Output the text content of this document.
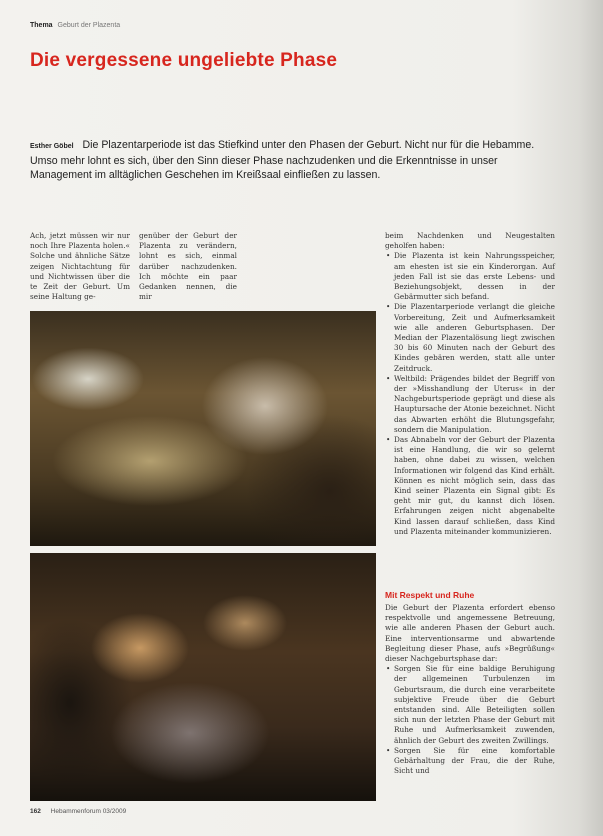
Thema Geburt der Plazenta
Die vergessene ungeliebte Phase
Esther Göbel Die Plazentarperiode ist das Stiefkind unter den Phasen der Geburt. Nicht nur für die Hebamme. Umso mehr lohnt es sich, über den Sinn dieser Phase nachzudenken und die Erkenntnisse in unser Management im alltäglichen Geschehen im Kreißsaal einfließen zu lassen.
Ach, jetzt müssen wir nur noch Ihre Plazenta holen.« Solche und ähnliche Sätze zeigen Nichtachtung für und Nichtwissen über die te Zeit der Geburt. Um seine Haltung ge-
genüber der Geburt der Plazenta zu verändern, lohnt es sich, einmal darüber nachzudenken. Ich möchte ein paar Gedanken nennen, die mir

beim Nachdenken und Neugestalten geholfen haben:

• Die Plazenta ist kein Nahrungsspeicher, am ehesten ist sie ein Kinderorgan. Auf jeden Fall ist sie das erste Lebens- und Beziehungsobjekt, dessen in der Gebärmutter sich befand.
• Die Plazentarperiode verlangt die gleiche Vorbereitung, Zeit und Aufmerksamkeit wie alle anderen Geburtsphasen. Der Median der Plazentalösung liegt zwischen 30 bis 60 Minuten nach der Geburt des Kindes gebären werden, statt alle unter Zeitdruck.
• Weltbild: Prägendes bildet der Begriff von der »Misshandlung der Uterus« in der Nachgeburtsperiode geprägt und diese als Hauptursache der Atonie bezeichnet. Nicht das Abwarten erhöht die Blutungsgefahr, sondern die Manipulation.
• Das Abnabeln vor der Geburt der Plazenta ist eine Handlung, die wir so gelernt haben, ohne dabei zu wissen, welchen Informationen wir folgend das Kind erhält. Können es nicht möglich sein, dass das Kind seiner Plazenta ein Signal gibt: Es geht mir gut, du kannst dich lösen. Erfahrungen zeigen nicht abgenabelte Kind lassen darauf schließen, dass Kind und Plazenta miteinander kommunizieren.
Mit Respekt und Ruhe
Die Geburt der Plazenta erfordert ebenso respektvolle und angemessene Betreuung, wie alle anderen Phasen der Geburt auch. Eine interventionsarme und abwartende Begleitung dieser Phase, aufs »Begrüßung« dieser Nachgeburtsphase dar:
• Sorgen Sie für eine baldige Beruhigung der allgemeinen Turbulenzen im Geburtsraum, die durch eine verarbeitete subjektive Freude über die Geburt entstanden sind. Alle Beteiligten sollen sich nun der letzten Phase der Geburt mit Ruhe und Aufmerksamkeit zuwenden, ähnlich der Geburt des zweiten Zwillings.
• Sorgen Sie für eine komfortable Gebärhaltung der Frau, die der Ruhe, Sicht und
162 Hebammenforum 03/2009
